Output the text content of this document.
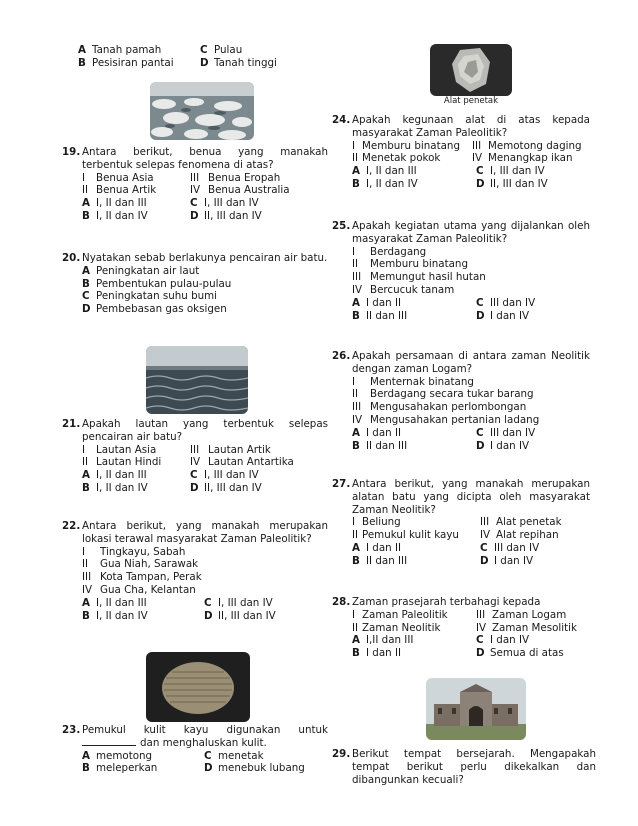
A Tanah pamah	C Pulau
B Pesisiran pantai	D Tanah tinggi
Alat penetak
19. Antara berikut, benua yang manakah terbentuk selepas fenomena di atas?
I Benua Asia	III Benua Eropah
II Benua Artik	IV Benua Australia
A I, II dan III	C I, III dan IV
B I, II dan IV	D II, III dan IV
20. Nyatakan sebab berlakunya pencairan air batu.
A Peningkatan air laut
B Pembentukan pulau-pulau
C Peningkatan suhu bumi
D Pembebasan gas oksigen
21. Apakah lautan yang terbentuk selepas pencairan air batu?
I Lautan Asia	III Lautan Artik
II Lautan Hindi	IV Lautan Antartika
A I, II dan III	C I, III dan IV
B I, II dan IV	D II, III dan IV
22. Antara berikut, yang manakah merupakan lokasi terawal masyarakat Zaman Paleolitik?
I Tingkayu, Sabah
II Gua Niah, Sarawak
III Kota Tampan, Perak
IV Gua Cha, Kelantan
A I, II dan III	C I, III dan IV
B I, II dan IV	D II, III dan IV
23. Pemukul kulit kayu digunakan untuk
dan menghaluskan kulit.
A memotong	C menetak
B meleperkan	D menebuk lubang
24. Apakah kegunaan alat di atas kepada masyarakat Zaman Paleolitik?
I Memburu binatang	III Memotong daging
II Menetak pokok	IV Menangkap ikan
A I, II dan III	C I, III dan IV
B I, II dan IV	D II, III dan IV
25. Apakah kegiatan utama yang dijalankan oleh masyarakat Zaman Paleolitik?
I Berdagang
II Memburu binatang
III Memungut hasil hutan
IV Bercucuk tanam
A I dan II	C III dan IV
B II dan III	D I dan IV
26. Apakah persamaan di antara zaman Neolitik dengan zaman Logam?
I Menternak binatang
II Berdagang secara tukar barang
III Mengusahakan perlombongan
IV Mengusahakan pertanian ladang
A I dan II	C III dan IV
B II dan III	D I dan IV
27. Antara berikut, yang manakah merupakan alatan batu yang dicipta oleh masyarakat Zaman Neolitik?
I Beliung	III Alat penetak
II Pemukul kulit kayu	IV Alat repihan
A I dan II	C III dan IV
B II dan III	D I dan IV
28. Zaman prasejarah terbahagi kepada
I Zaman Paleolitik	III Zaman Logam
II Zaman Neolitik	IV Zaman Mesolitik
A I,II dan III	C I dan IV
B I dan II	D Semua di atas
29. Berikut tempat bersejarah. Mengapakah tempat berikut perlu dikekalkan dan dibangunkan kecuali?
